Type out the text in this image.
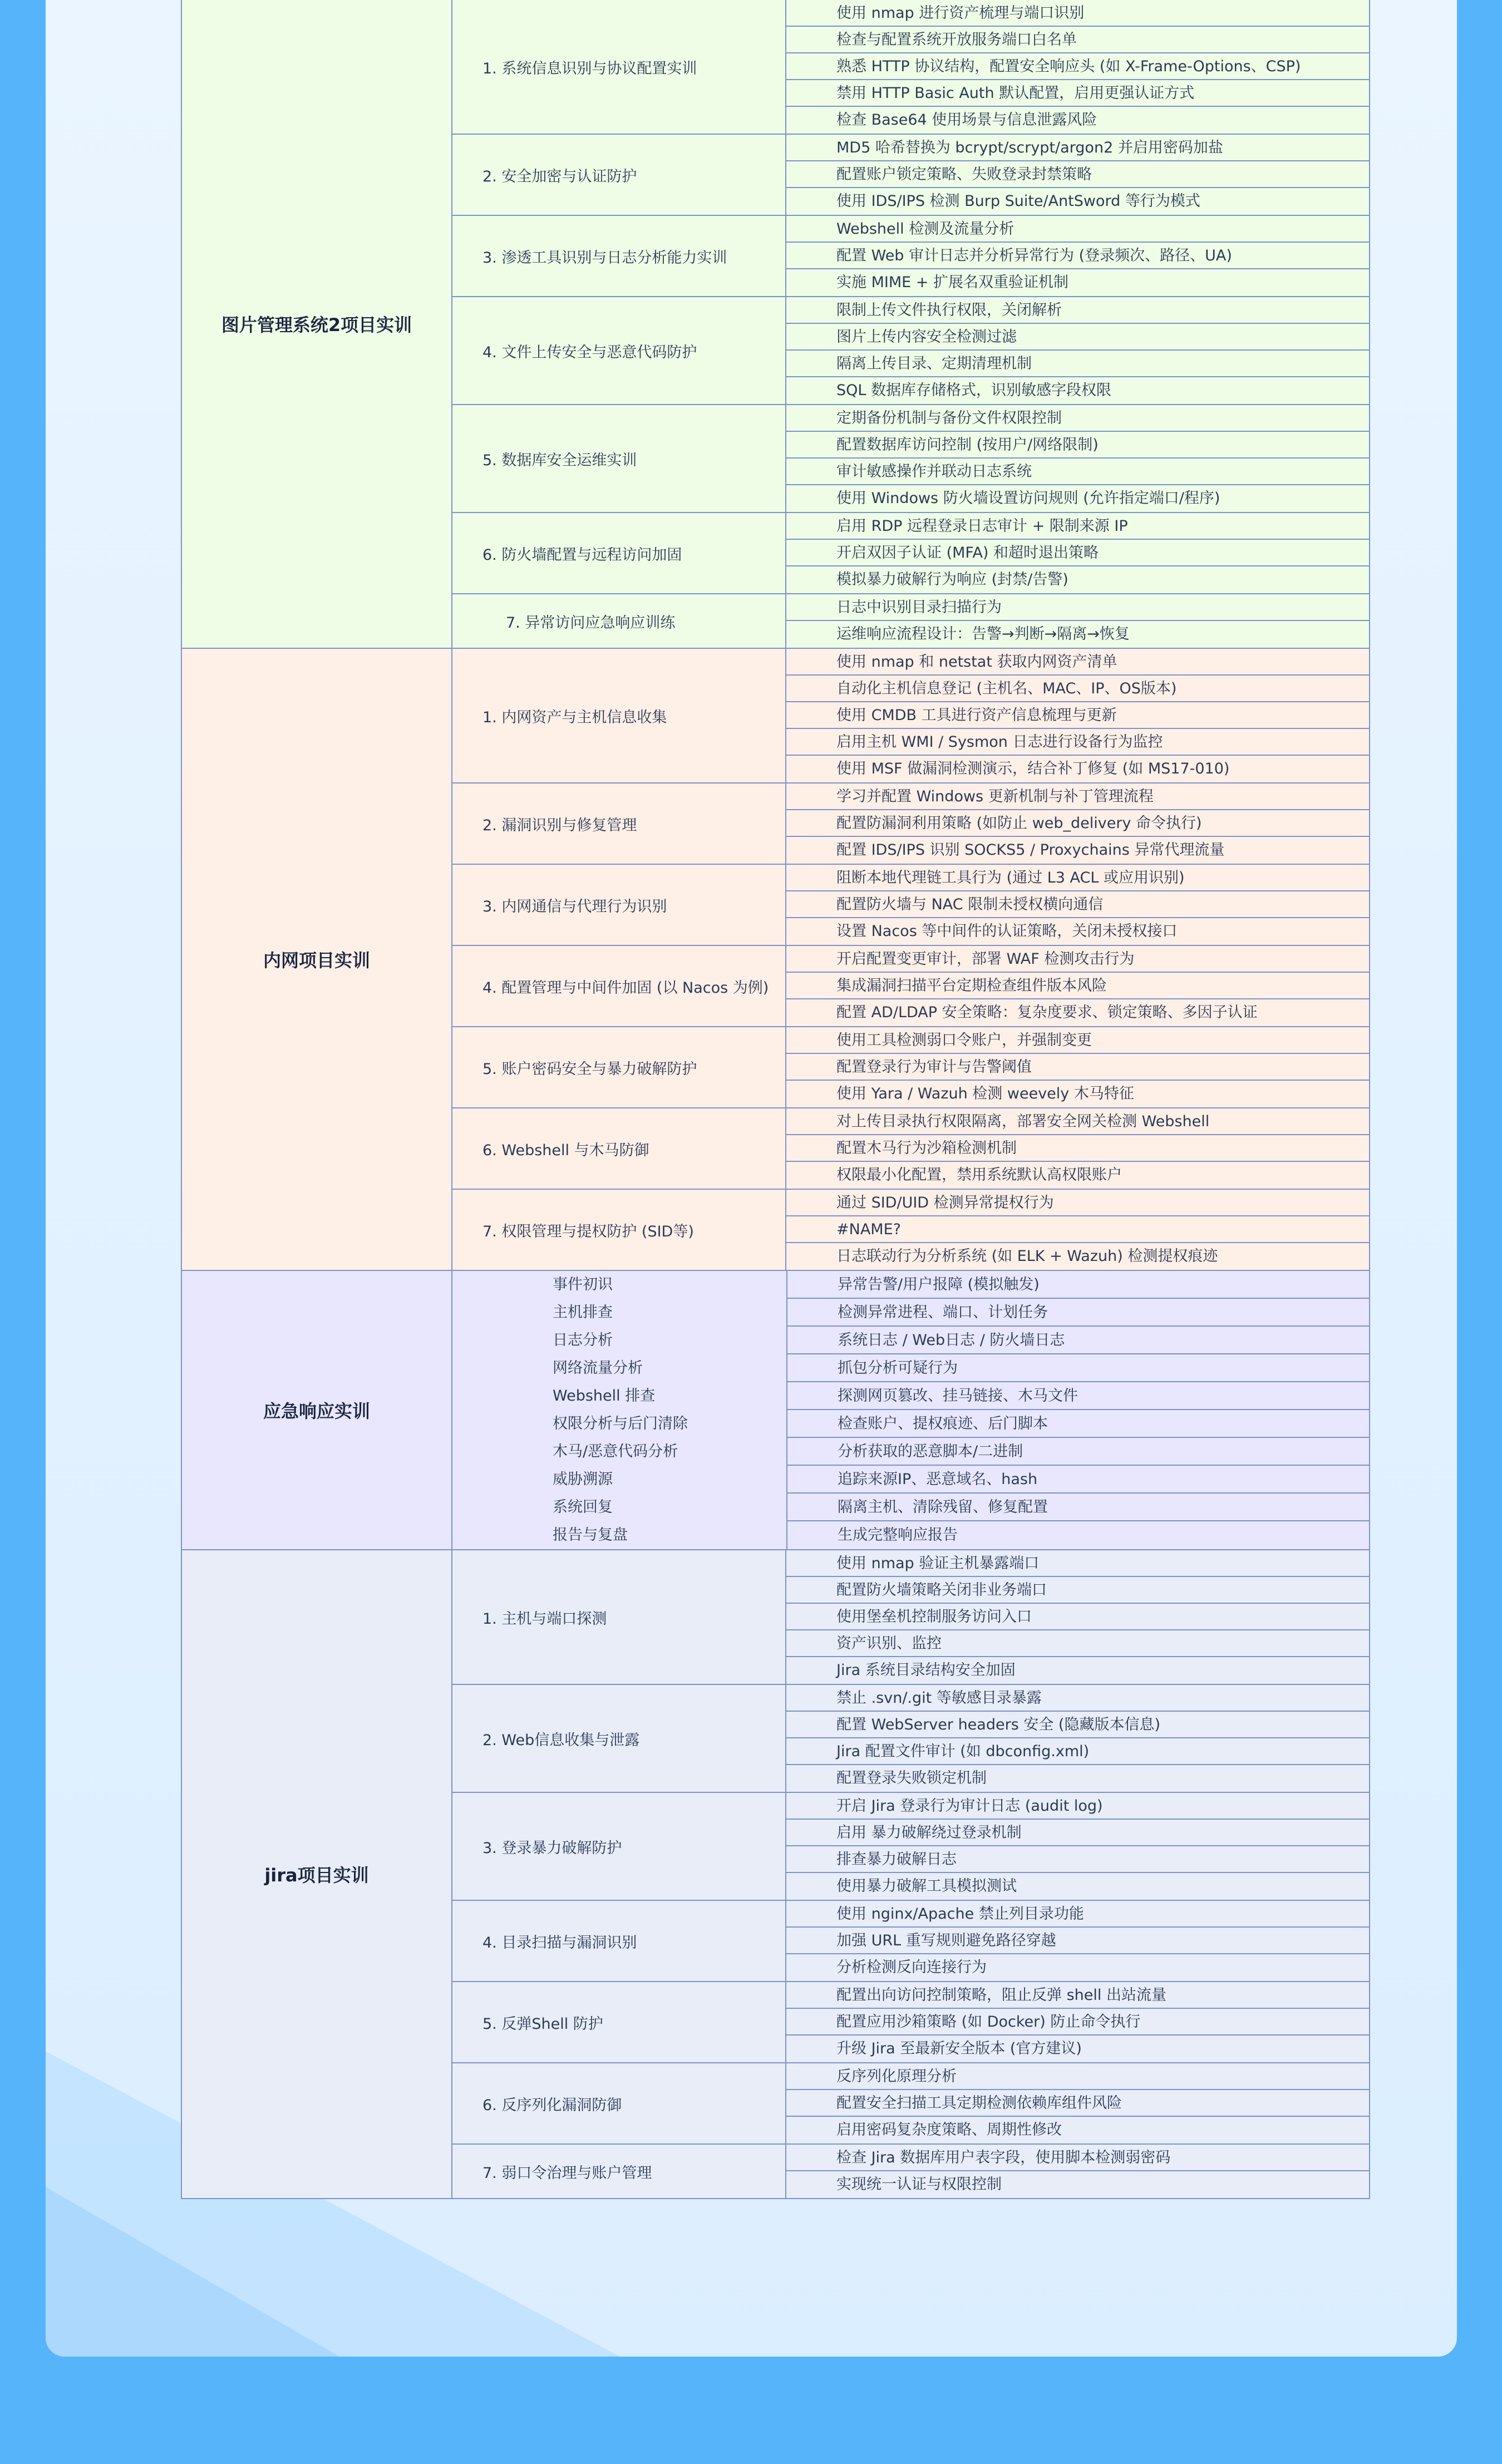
图片管理系统2项目实训
1. 系统信息识别与协议配置实训
使用 nmap 进行资产梳理与端口识别
检查与配置系统开放服务端口白名单
熟悉 HTTP 协议结构，配置安全响应头 (如 X-Frame-Options、CSP)
禁用 HTTP Basic Auth 默认配置，启用更强认证方式
检查 Base64 使用场景与信息泄露风险
2. 安全加密与认证防护
MD5 哈希替换为 bcrypt/scrypt/argon2 并启用密码加盐
配置账户锁定策略、失败登录封禁策略
使用 IDS/IPS 检测 Burp Suite/AntSword 等行为模式
3. 渗透工具识别与日志分析能力实训
Webshell 检测及流量分析
配置 Web 审计日志并分析异常行为 (登录频次、路径、UA)
实施 MIME + 扩展名双重验证机制
4. 文件上传安全与恶意代码防护
限制上传文件执行权限，关闭解析
图片上传内容安全检测过滤
隔离上传目录、定期清理机制
SQL 数据库存储格式，识别敏感字段权限
5. 数据库安全运维实训
定期备份机制与备份文件权限控制
配置数据库访问控制 (按用户/网络限制)
审计敏感操作并联动日志系统
使用 Windows 防火墙设置访问规则 (允许指定端口/程序)
6. 防火墙配置与远程访问加固
启用 RDP 远程登录日志审计 + 限制来源 IP
开启双因子认证 (MFA) 和超时退出策略
模拟暴力破解行为响应 (封禁/告警)
7. 异常访问应急响应训练
日志中识别目录扫描行为
运维响应流程设计：告警→判断→隔离→恢复
内网项目实训
1. 内网资产与主机信息收集
使用 nmap 和 netstat 获取内网资产清单
自动化主机信息登记 (主机名、MAC、IP、OS版本)
使用 CMDB 工具进行资产信息梳理与更新
启用主机 WMI / Sysmon 日志进行设备行为监控
使用 MSF 做漏洞检测演示，结合补丁修复 (如 MS17-010)
2. 漏洞识别与修复管理
学习并配置 Windows 更新机制与补丁管理流程
配置防漏洞利用策略 (如防止 web_delivery 命令执行)
配置 IDS/IPS 识别 SOCKS5 / Proxychains 异常代理流量
3. 内网通信与代理行为识别
阻断本地代理链工具行为 (通过 L3 ACL 或应用识别)
配置防火墙与 NAC 限制未授权横向通信
设置 Nacos 等中间件的认证策略，关闭未授权接口
4. 配置管理与中间件加固 (以 Nacos 为例)
开启配置变更审计，部署 WAF 检测攻击行为
集成漏洞扫描平台定期检查组件版本风险
配置 AD/LDAP 安全策略：复杂度要求、锁定策略、多因子认证
5. 账户密码安全与暴力破解防护
使用工具检测弱口令账户，并强制变更
配置登录行为审计与告警阈值
使用 Yara / Wazuh 检测 weevely 木马特征
6. Webshell 与木马防御
对上传目录执行权限隔离，部署安全网关检测 Webshell
配置木马行为沙箱检测机制
权限最小化配置，禁用系统默认高权限账户
7. 权限管理与提权防护 (SID等)
通过 SID/UID 检测异常提权行为
#NAME?
日志联动行为分析系统 (如 ELK + Wazuh) 检测提权痕迹
应急响应实训
事件初识
主机排查
日志分析
网络流量分析
Webshell 排查
权限分析与后门清除
木马/恶意代码分析
威胁溯源
系统回复
报告与复盘
异常告警/用户报障 (模拟触发)
检测异常进程、端口、计划任务
系统日志 / Web日志 / 防火墙日志
抓包分析可疑行为
探测网页篡改、挂马链接、木马文件
检查账户、提权痕迹、后门脚本
分析获取的恶意脚本/二进制
追踪来源IP、恶意域名、hash
隔离主机、清除残留、修复配置
生成完整响应报告
jira项目实训
1. 主机与端口探测
使用 nmap 验证主机暴露端口
配置防火墙策略关闭非业务端口
使用堡垒机控制服务访问入口
资产识别、监控
Jira 系统目录结构安全加固
2. Web信息收集与泄露
禁止 .svn/.git 等敏感目录暴露
配置 WebServer headers 安全 (隐藏版本信息)
Jira 配置文件审计 (如 dbconfig.xml)
配置登录失败锁定机制
3. 登录暴力破解防护
开启 Jira 登录行为审计日志 (audit log)
启用 暴力破解绕过登录机制
排查暴力破解日志
使用暴力破解工具模拟测试
4. 目录扫描与漏洞识别
使用 nginx/Apache 禁止列目录功能
加强 URL 重写规则避免路径穿越
分析检测反向连接行为
5. 反弹Shell 防护
配置出向访问控制策略，阻止反弹 shell 出站流量
配置应用沙箱策略 (如 Docker) 防止命令执行
升级 Jira 至最新安全版本 (官方建议)
6. 反序列化漏洞防御
反序列化原理分析
配置安全扫描工具定期检测依赖库组件风险
启用密码复杂度策略、周期性修改
7. 弱口令治理与账户管理
检查 Jira 数据库用户表字段，使用脚本检测弱密码
实现统一认证与权限控制
